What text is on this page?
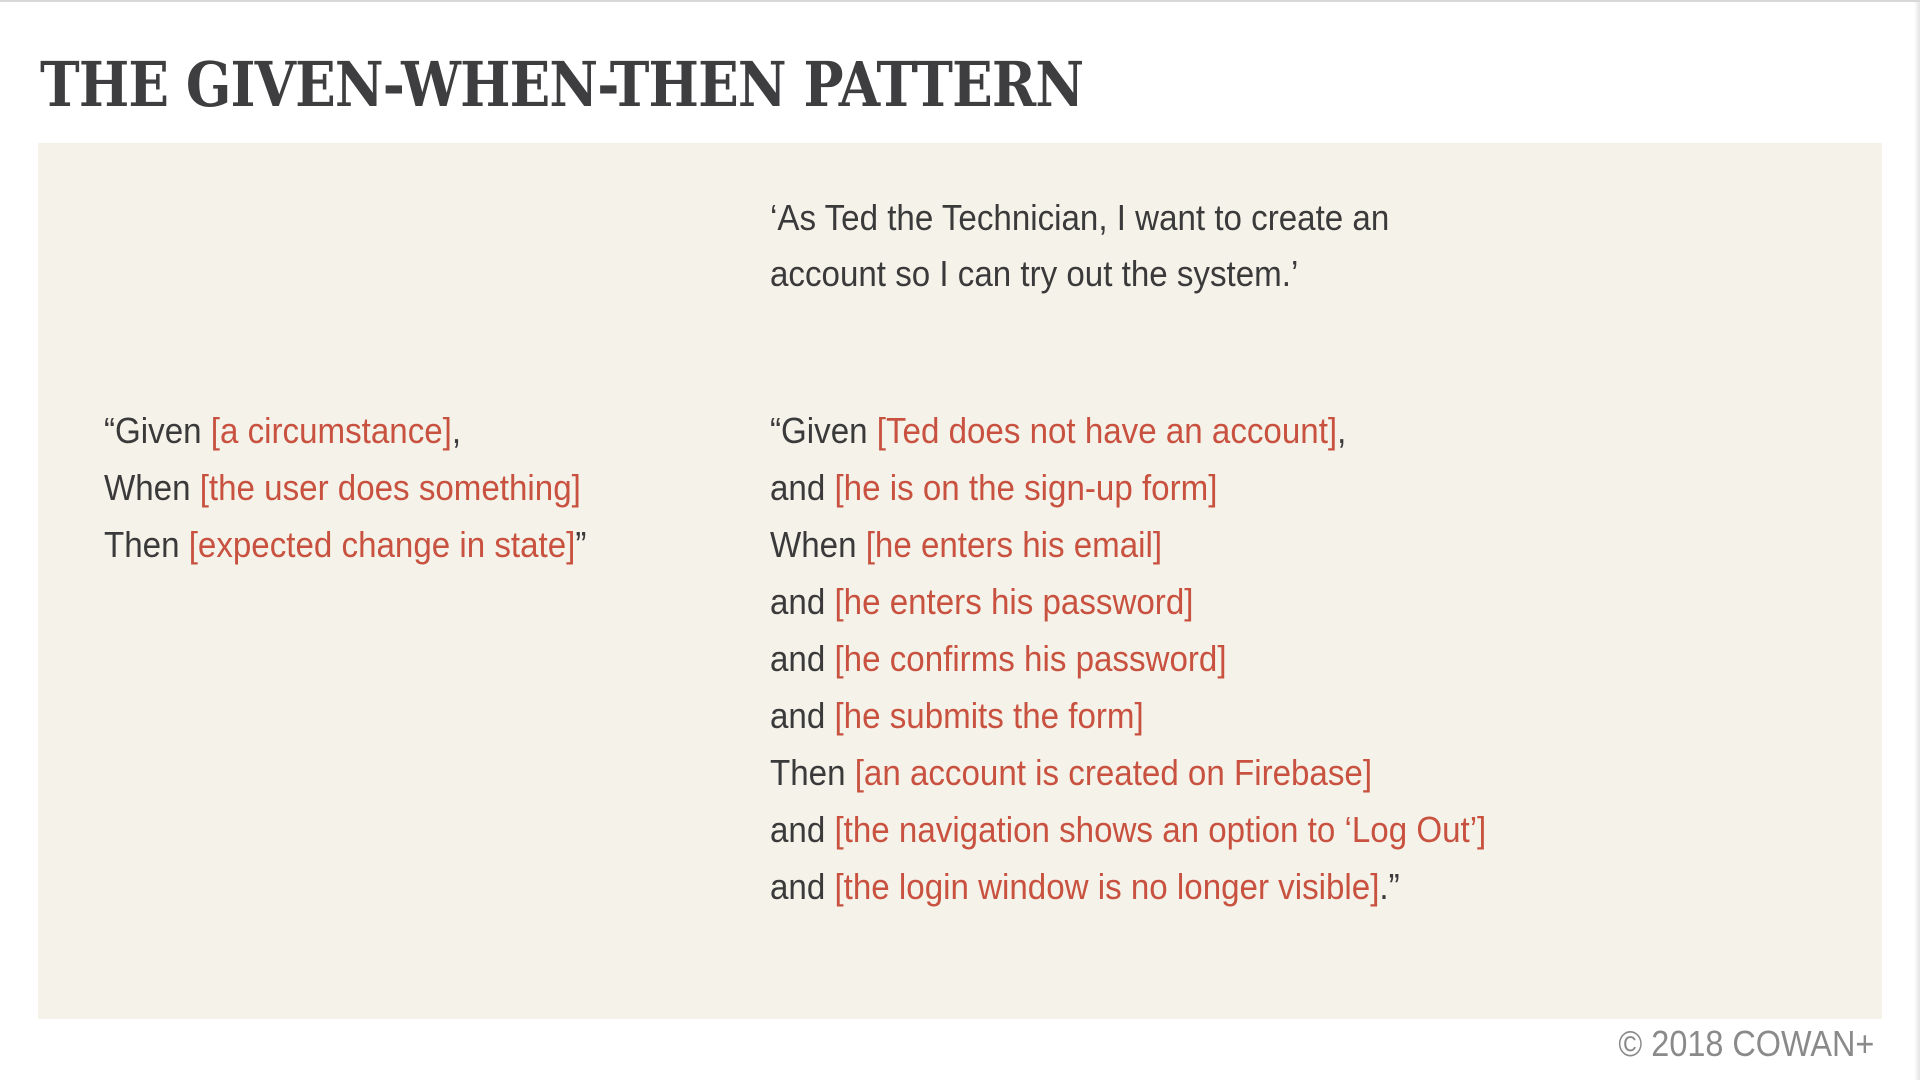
THE GIVEN-WHEN-THEN PATTERN

‘As Ted the Technician, I want to create an

account so I can try out the system.’

“Given [a circumstance],

When [the user does something]

Then [expected change in state]”

“Given [Ted does not have an account],

and [he is on the sign-up form]

When [he enters his email]

and [he enters his password]

and [he confirms his password]

and [he submits the form]

Then [an account is created on Firebase]

and [the navigation shows an option to ‘Log Out’]

and [the login window is no longer visible].”

© 2018 COWAN+
